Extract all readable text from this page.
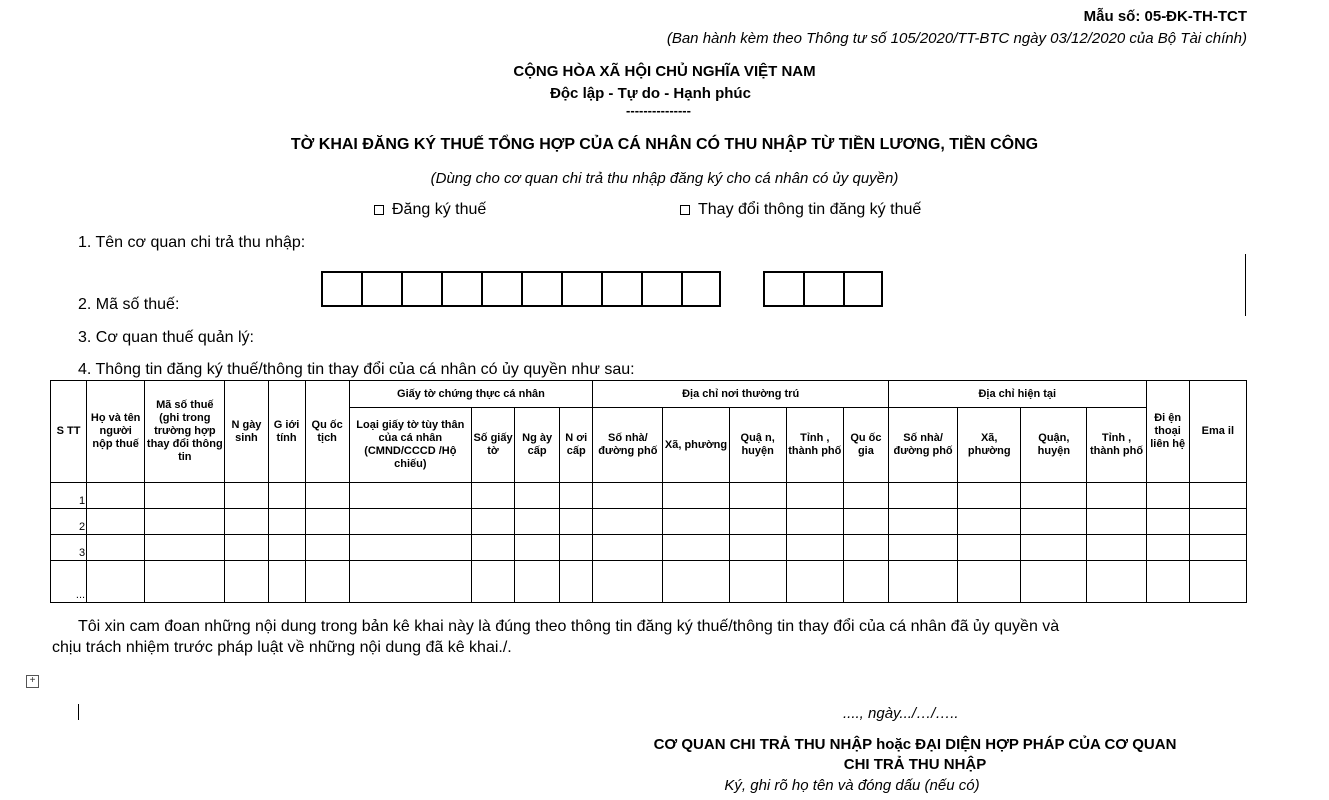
Mẫu số: 05-ĐK-TH-TCT
(Ban hành kèm theo Thông tư số 105/2020/TT-BTC ngày 03/12/2020 của Bộ Tài chính)
CỘNG HÒA XÃ HỘI CHỦ NGHĨA VIỆT NAM
Độc lập - Tự do - Hạnh phúc
---------------
TỜ KHAI ĐĂNG KÝ THUẾ TỔNG HỢP CỦA CÁ NHÂN CÓ THU NHẬP TỪ TIỀN LƯƠNG, TIỀN CÔNG
(Dùng cho cơ quan chi trả thu nhập đăng ký cho cá nhân có ủy quyền)
Đăng ký thuế	Thay đổi thông tin đăng ký thuế
1. Tên cơ quan chi trả thu nhập:
2. Mã số thuế:
3. Cơ quan thuế quản lý:
4. Thông tin đăng ký thuế/thông tin thay đổi của cá nhân có ủy quyền như sau:
S TT	Họ và tên người nộp thuế	Mã số thuế (ghi trong trường hợp thay đổi thông tin	N gày sinh	G iới tính	Qu ốc tịch	Giấy tờ chứng thực cá nhân				Địa chỉ nơi thường trú					Địa chỉ hiện tại				Đi ện thoại liên hệ	Ema il
						Loại giấy tờ tùy thân của cá nhân (CMND/CCCD /Hộ chiếu)	Số giấy tờ	Ng ày cấp	N ơi cấp	Số nhà/đường phố	Xã, phường	Quậ n, huyện	Tỉnh , thành phố	Qu ốc gia	Số nhà/ đường phố	Xã, phường	Quận, huyện	Tỉnh , thành phố		
1																				
2																				
3																				
...																				
Tôi xin cam đoan những nội dung trong bản kê khai này là đúng theo thông tin đăng ký thuế/thông tin thay đổi của cá nhân đã ủy quyền và
chịu trách nhiệm trước pháp luật về những nội dung đã kê khai./.
+
...., ngày.../…/…..
CƠ QUAN CHI TRẢ THU NHẬP hoặc ĐẠI DIỆN HỢP PHÁP CỦA CƠ QUAN
CHI TRẢ THU NHẬP
Ký, ghi rõ họ tên và đóng dấu (nếu có)
